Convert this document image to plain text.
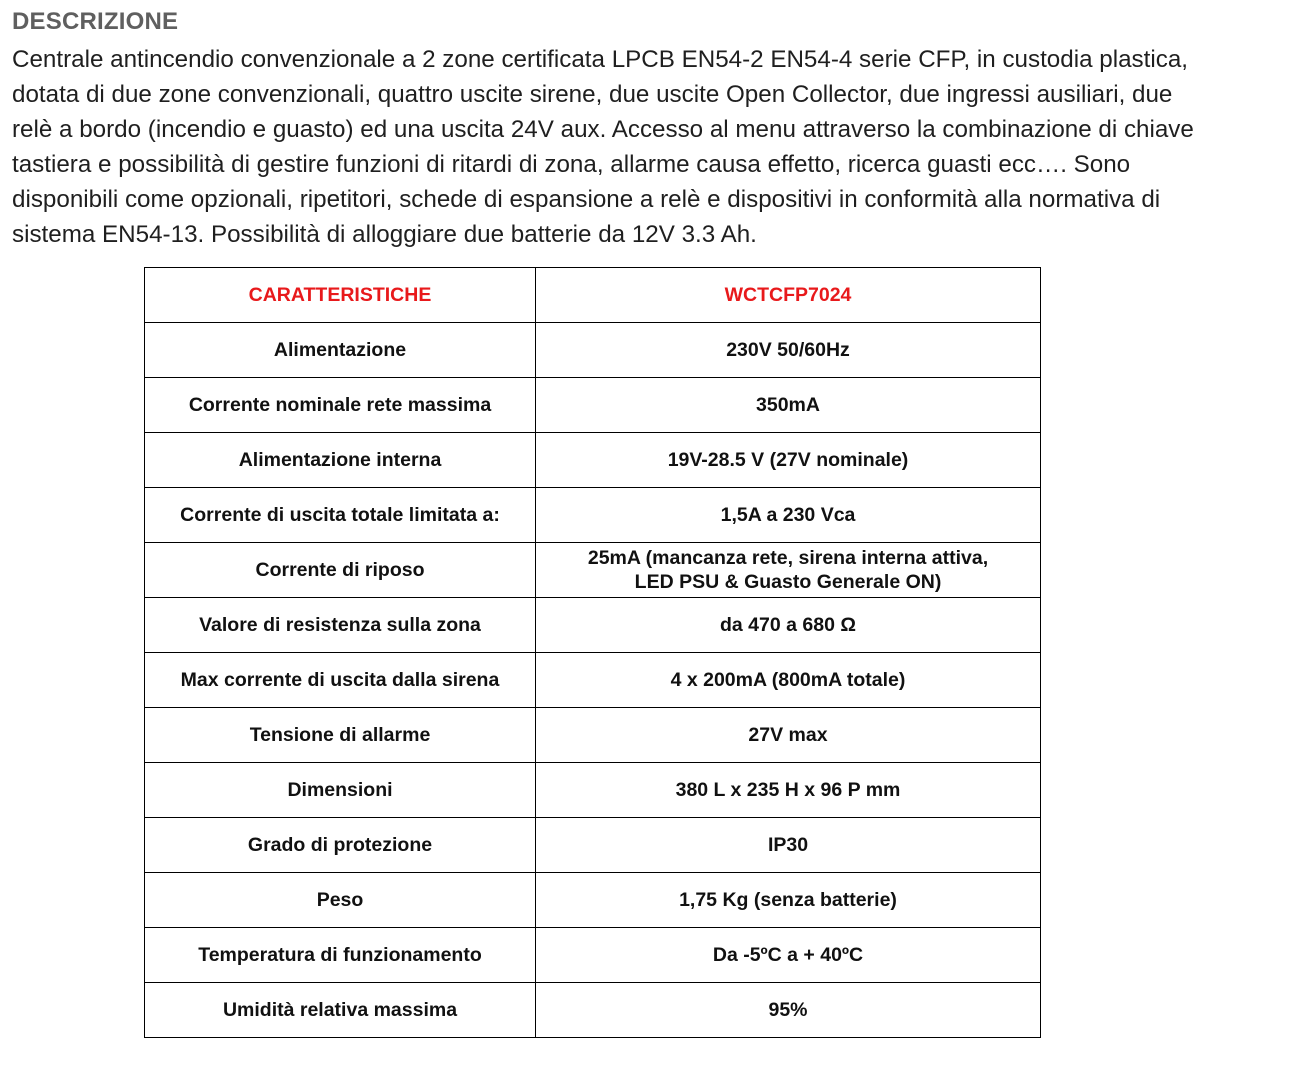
DESCRIZIONE

Centrale antincendio convenzionale a 2 zone certificata LPCB EN54-2 EN54-4 serie CFP, in custodia plastica,
dotata di due zone convenzionali, quattro uscite sirene, due uscite Open Collector, due ingressi ausiliari, due
relè a bordo (incendio e guasto) ed una uscita 24V aux. Accesso al menu attraverso la combinazione di chiave
tastiera e possibilità di gestire funzioni di ritardi di zona, allarme causa effetto, ricerca guasti ecc…. Sono
disponibili come opzionali, ripetitori, schede di espansione a relè e dispositivi in conformità alla normativa di
sistema EN54-13. Possibilità di alloggiare due batterie da 12V 3.3 Ah.

CARATTERISTICHE	WCTCFP7024
Alimentazione	230V 50/60Hz
Corrente nominale rete massima	350mA
Alimentazione interna	19V-28.5 V (27V nominale)
Corrente di uscita totale limitata a:	1,5A a 230 Vca
Corrente di riposo	25mA (mancanza rete, sirena interna attiva,
LED PSU & Guasto Generale ON)
Valore di resistenza sulla zona	da 470 a 680 Ω
Max corrente di uscita dalla sirena	4 x 200mA (800mA totale)
Tensione di allarme	27V max
Dimensioni	380 L x 235 H x 96 P mm
Grado di protezione	IP30
Peso	1,75 Kg (senza batterie)
Temperatura di funzionamento	Da -5ºC a + 40ºC
Umidità relativa massima	95%
